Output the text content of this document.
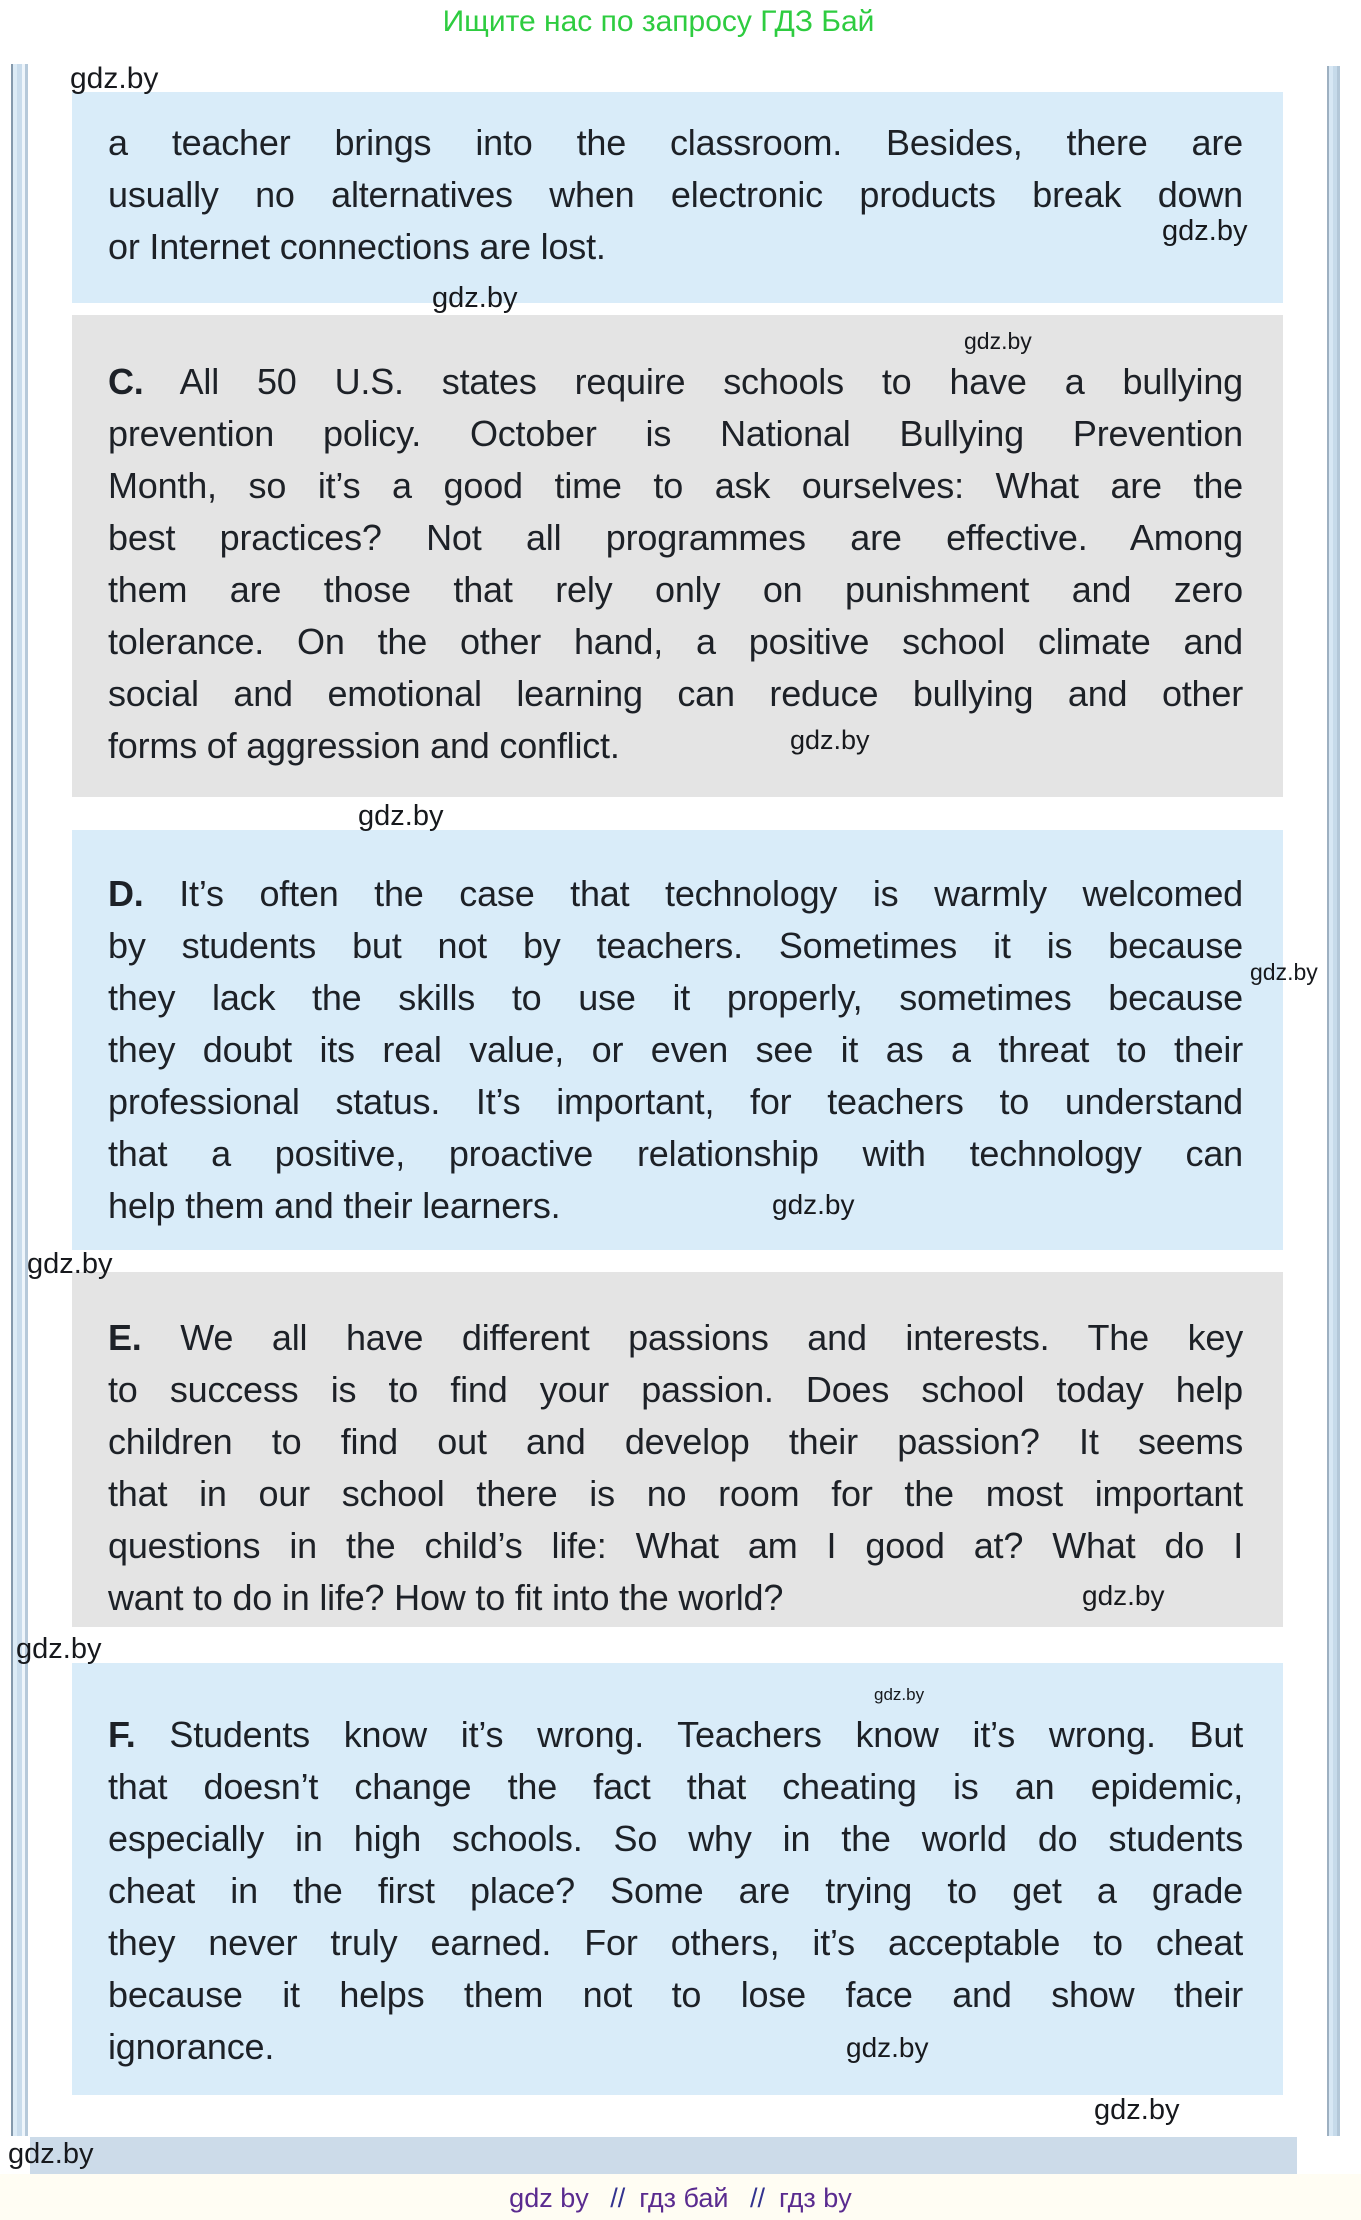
Ищите нас по запросу ГДЗ Бай
a teacher brings into the classroom. Besides, there are
usually no alternatives when electronic products break down
or Internet connections are lost.
C. All 50 U.S. states require schools to have a bullying
prevention policy. October is National Bullying Prevention
Month, so it’s a good time to ask ourselves: What are the
best practices? Not all programmes are effective. Among
them are those that rely only on punishment and zero
tolerance. On the other hand, a positive school climate and
social and emotional learning can reduce bullying and other
forms of aggression and conflict.
D. It’s often the case that technology is warmly welcomed
by students but not by teachers. Sometimes it is because
they lack the skills to use it properly, sometimes because
they doubt its real value, or even see it as a threat to their
professional status. It’s important, for teachers to understand
that a positive, proactive relationship with technology can
help them and their learners.
E. We all have different passions and interests. The key
to success is to find your passion. Does school today help
children to find out and develop their passion? It seems
that in our school there is no room for the most important
questions in the child’s life: What am I good at? What do I
want to do in life? How to fit into the world?
F. Students know it’s wrong. Teachers know it’s wrong. But
that doesn’t change the fact that cheating is an epidemic,
especially in high schools. So why in the world do students
cheat in the first place? Some are trying to get a grade
they never truly earned. For others, it’s acceptable to cheat
because it helps them not to lose face and show their
ignorance.
gdz by // гдз бай // гдз by
gdz.by
gdz.by
gdz.by
gdz.by
gdz.by
gdz.by
gdz.by
gdz.by
gdz.by
gdz.by
gdz.by
gdz.by
gdz.by
gdz.by
gdz.by
